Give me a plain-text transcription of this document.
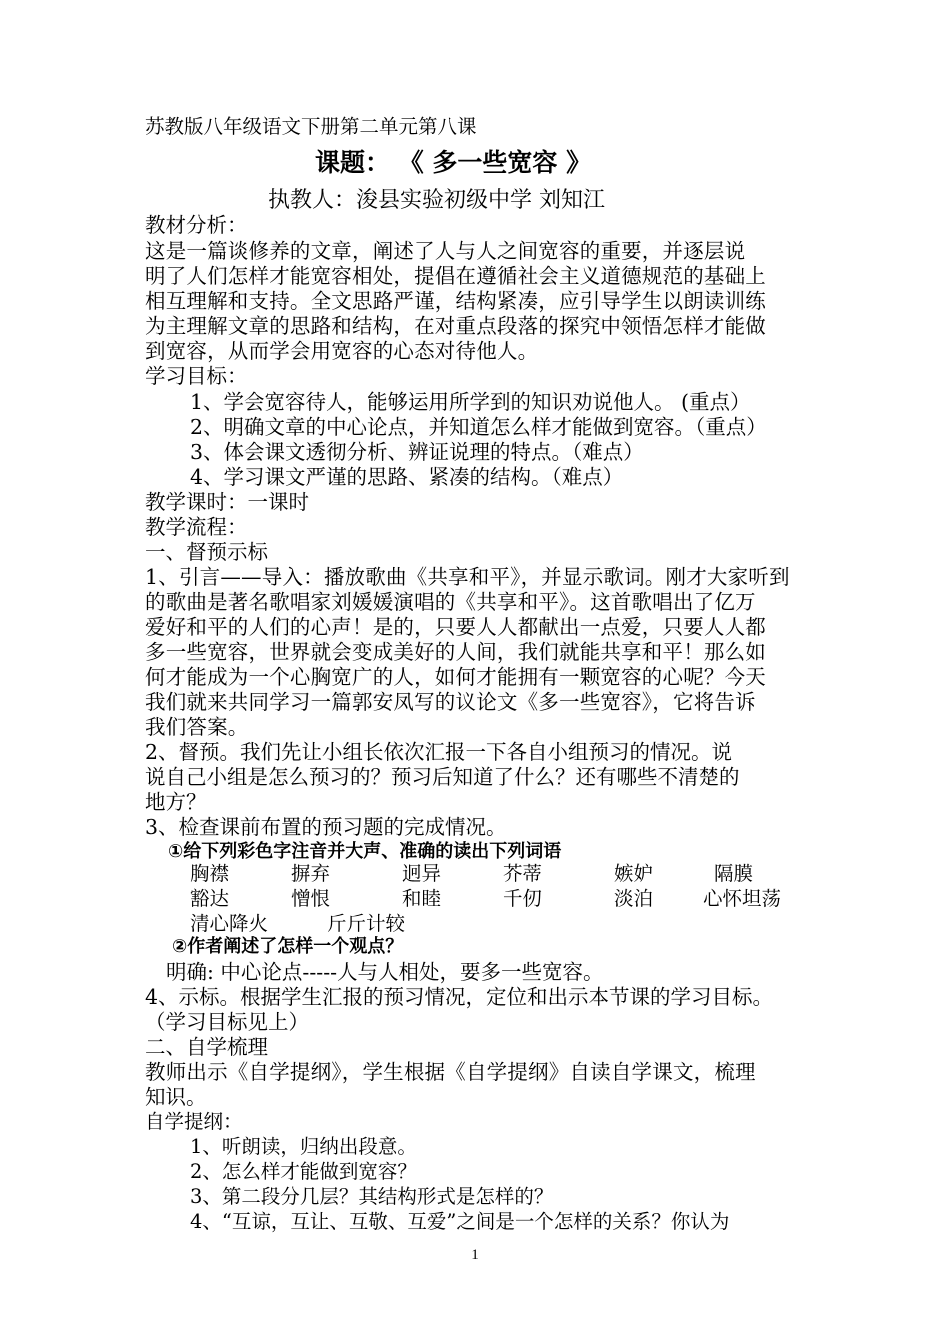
苏教版八年级语文下册第二单元第八课
课题： 《 多一些宽容 》
执教人：浚县实验初级中学 刘知江
教材分析：
这是一篇谈修养的文章，阐述了人与人之间宽容的重要，并逐层说
明了人们怎样才能宽容相处，提倡在遵循社会主义道德规范的基础上
相互理解和支持。全文思路严谨，结构紧凑，应引导学生以朗读训练
为主理解文章的思路和结构，在对重点段落的探究中领悟怎样才能做
到宽容，从而学会用宽容的心态对待他人。
学习目标：
1、学会宽容待人，能够运用所学到的知识劝说他人。 (重点）
2、明确文章的中心论点，并知道怎么样才能做到宽容。（重点）
3、体会课文透彻分析、辨证说理的特点。（难点）
4、学习课文严谨的思路、紧凑的结构。（难点）
教学课时：一课时
教学流程：
一、督预示标
1、引言——导入：播放歌曲《共享和平》，并显示歌词。刚才大家听到
的歌曲是著名歌唱家刘媛媛演唱的《共享和平》。这首歌唱出了亿万
爱好和平的人们的心声！是的，只要人人都献出一点爱，只要人人都
多一些宽容，世界就会变成美好的人间，我们就能共享和平！那么如
何才能成为一个心胸宽广的人，如何才能拥有一颗宽容的心呢？今天
我们就来共同学习一篇郭安凤写的议论文《多一些宽容》，它将告诉
我们答案。
2、督预。我们先让小组长依次汇报一下各自小组预习的情况。说
说自己小组是怎么预习的？预习后知道了什么？还有哪些不清楚的
地方？
3、检查课前布置的预习题的完成情况。
①给下列彩色字注音并大声、准确的读出下列词语
胸襟	摒弃	迥异	芥蒂	嫉妒	隔膜
豁达	憎恨	和睦	千仞	淡泊	心怀坦荡
清心降火	斤斤计较
②作者阐述了怎样一个观点？
明确: 中心论点-----人与人相处，要多一些宽容。
4、示标。根据学生汇报的预习情况，定位和出示本节课的学习目标。
（学习目标见上）
二、自学梳理
教师出示《自学提纲》，学生根据《自学提纲》自读自学课文，梳理
知识。
自学提纲：
1、听朗读，归纳出段意。
2、怎么样才能做到宽容？
3、第二段分几层？其结构形式是怎样的？
4、“互谅，互让、互敬、互爱”之间是一个怎样的关系？你认为
1
